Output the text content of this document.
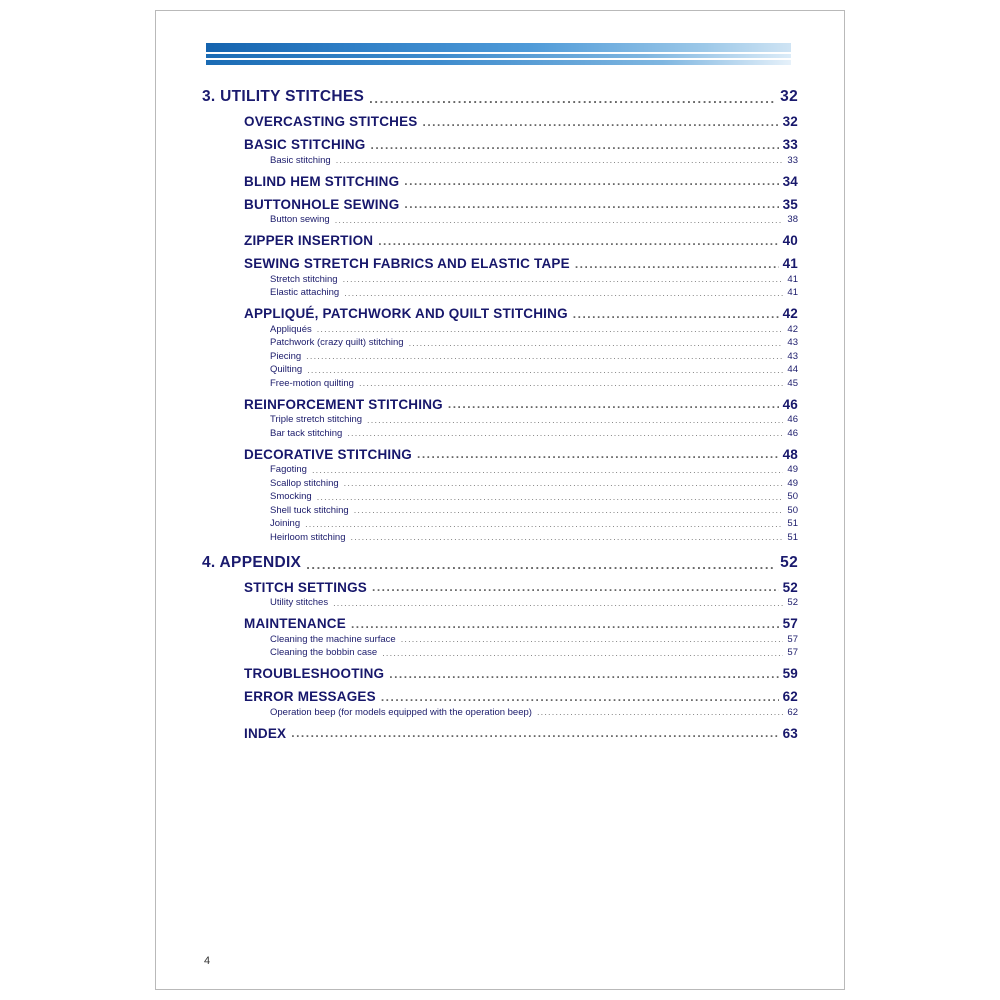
3. UTILITY STITCHES .....	32
OVERCASTING STITCHES .....	32
BASIC STITCHING .....	33
Basic stitching .....	33
BLIND HEM STITCHING .....	34
BUTTONHOLE SEWING .....	35
Button sewing .....	38
ZIPPER INSERTION .....	40
SEWING STRETCH FABRICS AND ELASTIC TAPE .....	41
Stretch stitching .....	41
Elastic attaching .....	41
APPLIQUÉ, PATCHWORK AND QUILT STITCHING .....	42
Appliqués .....	42
Patchwork (crazy quilt) stitching .....	43
Piecing .....	43
Quilting .....	44
Free-motion quilting .....	45
REINFORCEMENT STITCHING .....	46
Triple stretch stitching .....	46
Bar tack stitching .....	46
DECORATIVE STITCHING .....	48
Fagoting .....	49
Scallop stitching .....	49
Smocking .....	50
Shell tuck stitching .....	50
Joining .....	51
Heirloom stitching .....	51
4. APPENDIX .....	52
STITCH SETTINGS .....	52
Utility stitches .....	52
MAINTENANCE .....	57
Cleaning the machine surface .....	57
Cleaning the bobbin case .....	57
TROUBLESHOOTING .....	59
ERROR MESSAGES .....	62
Operation beep (for models equipped with the operation beep) .....	62
INDEX .....	63
4
